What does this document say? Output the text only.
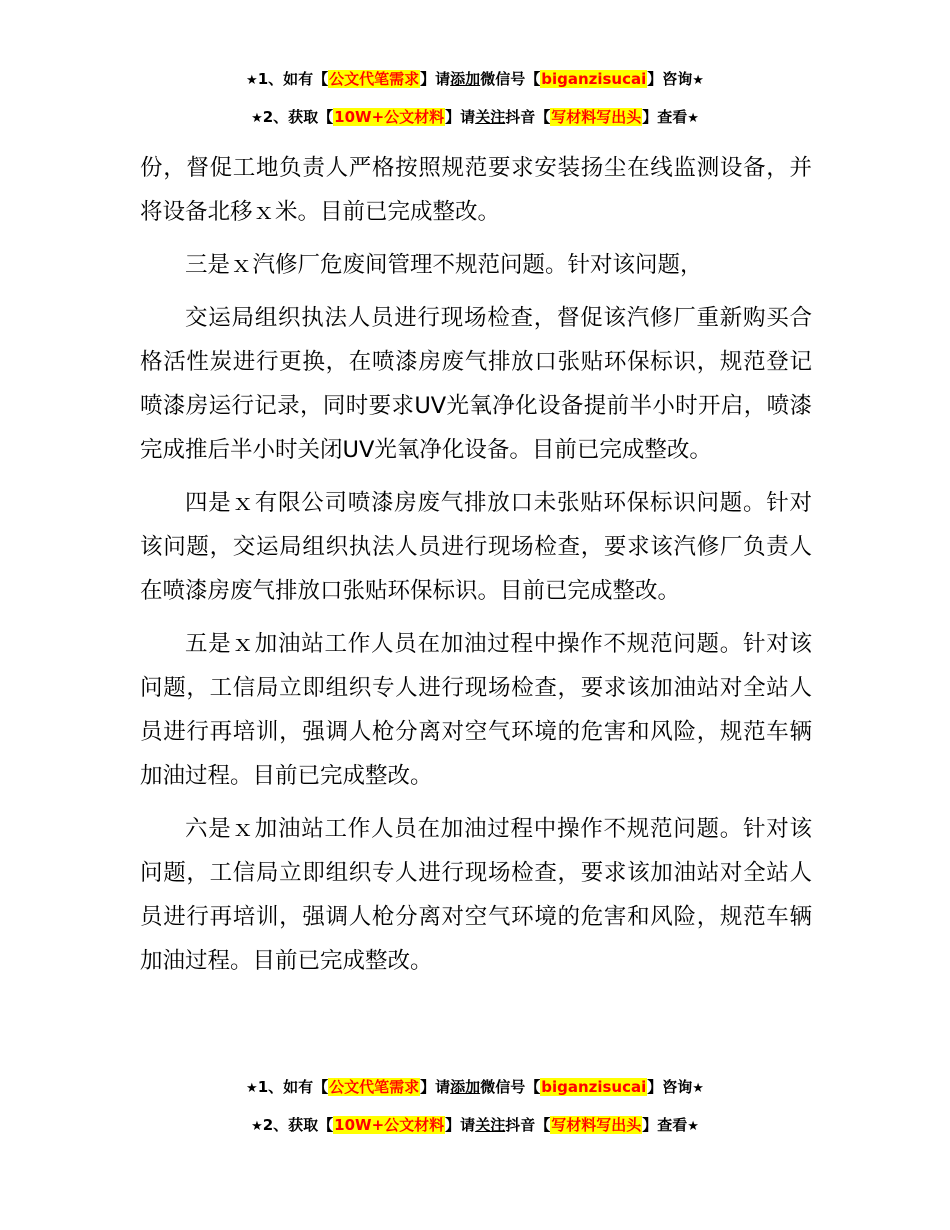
★1、如有【公文代笔需求】请添加微信号【biganzisucai】咨询★
★2、获取【10W+公文材料】请关注抖音【写材料写出头】查看★

份，督促工地负责人严格按照规范要求安装扬尘在线监测设备，并将设备北移ｘ米。目前已完成整改。

三是ｘ汽修厂危废间管理不规范问题。针对该问题，

交运局组织执法人员进行现场检查，督促该汽修厂重新购买合格活性炭进行更换，在喷漆房废气排放口张贴环保标识，规范登记喷漆房运行记录，同时要求UV光氧净化设备提前半小时开启，喷漆完成推后半小时关闭UV光氧净化设备。目前已完成整改。

四是ｘ有限公司喷漆房废气排放口未张贴环保标识问题。针对该问题，交运局组织执法人员进行现场检查，要求该汽修厂负责人在喷漆房废气排放口张贴环保标识。目前已完成整改。

五是ｘ加油站工作人员在加油过程中操作不规范问题。针对该问题，工信局立即组织专人进行现场检查，要求该加油站对全站人员进行再培训，强调人枪分离对空气环境的危害和风险，规范车辆加油过程。目前已完成整改。

六是ｘ加油站工作人员在加油过程中操作不规范问题。针对该问题，工信局立即组织专人进行现场检查，要求该加油站对全站人员进行再培训，强调人枪分离对空气环境的危害和风险，规范车辆加油过程。目前已完成整改。

★1、如有【公文代笔需求】请添加微信号【biganzisucai】咨询★
★2、获取【10W+公文材料】请关注抖音【写材料写出头】查看★
